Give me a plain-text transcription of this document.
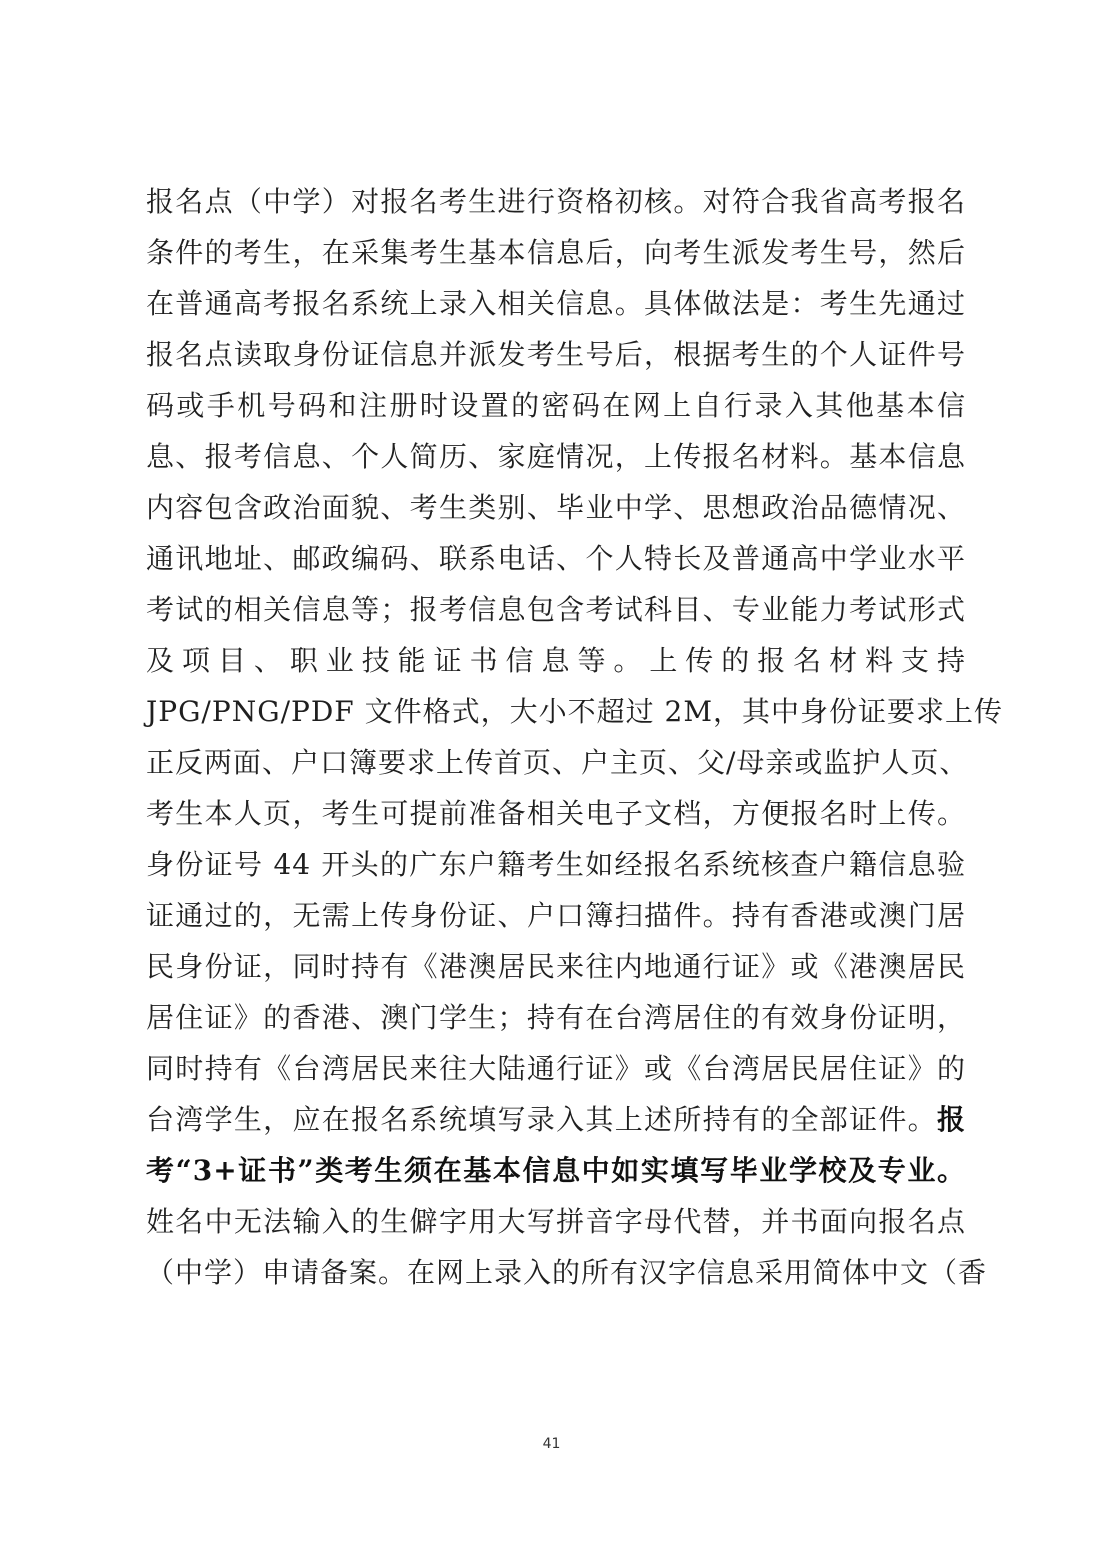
报名点（中学）对报名考生进行资格初核。对符合我省高考报名
条件的考生，在采集考生基本信息后，向考生派发考生号，然后
在普通高考报名系统上录入相关信息。具体做法是：考生先通过
报名点读取身份证信息并派发考生号后，根据考生的个人证件号
码或手机号码和注册时设置的密码在网上自行录入其他基本信
息、报考信息、个人简历、家庭情况，上传报名材料。基本信息
内容包含政治面貌、考生类别、毕业中学、思想政治品德情况、
通讯地址、邮政编码、联系电话、个人特长及普通高中学业水平
考试的相关信息等；报考信息包含考试科目、专业能力考试形式
及项目、职业技能证书信息等。上传的报名材料支持
JPG/PNG/PDF 文件格式，大小不超过 2M，其中身份证要求上传
正反两面、户口簿要求上传首页、户主页、父/母亲或监护人页、
考生本人页，考生可提前准备相关电子文档，方便报名时上传。
身份证号 44 开头的广东户籍考生如经报名系统核查户籍信息验
证通过的，无需上传身份证、户口簿扫描件。持有香港或澳门居
民身份证，同时持有《港澳居民来往内地通行证》或《港澳居民
居住证》的香港、澳门学生；持有在台湾居住的有效身份证明，
同时持有《台湾居民来往大陆通行证》或《台湾居民居住证》的
台湾学生，应在报名系统填写录入其上述所持有的全部证件。报
考“3+证书”类考生须在基本信息中如实填写毕业学校及专业。
姓名中无法输入的生僻字用大写拼音字母代替，并书面向报名点
（中学）申请备案。在网上录入的所有汉字信息采用简体中文（香
41
